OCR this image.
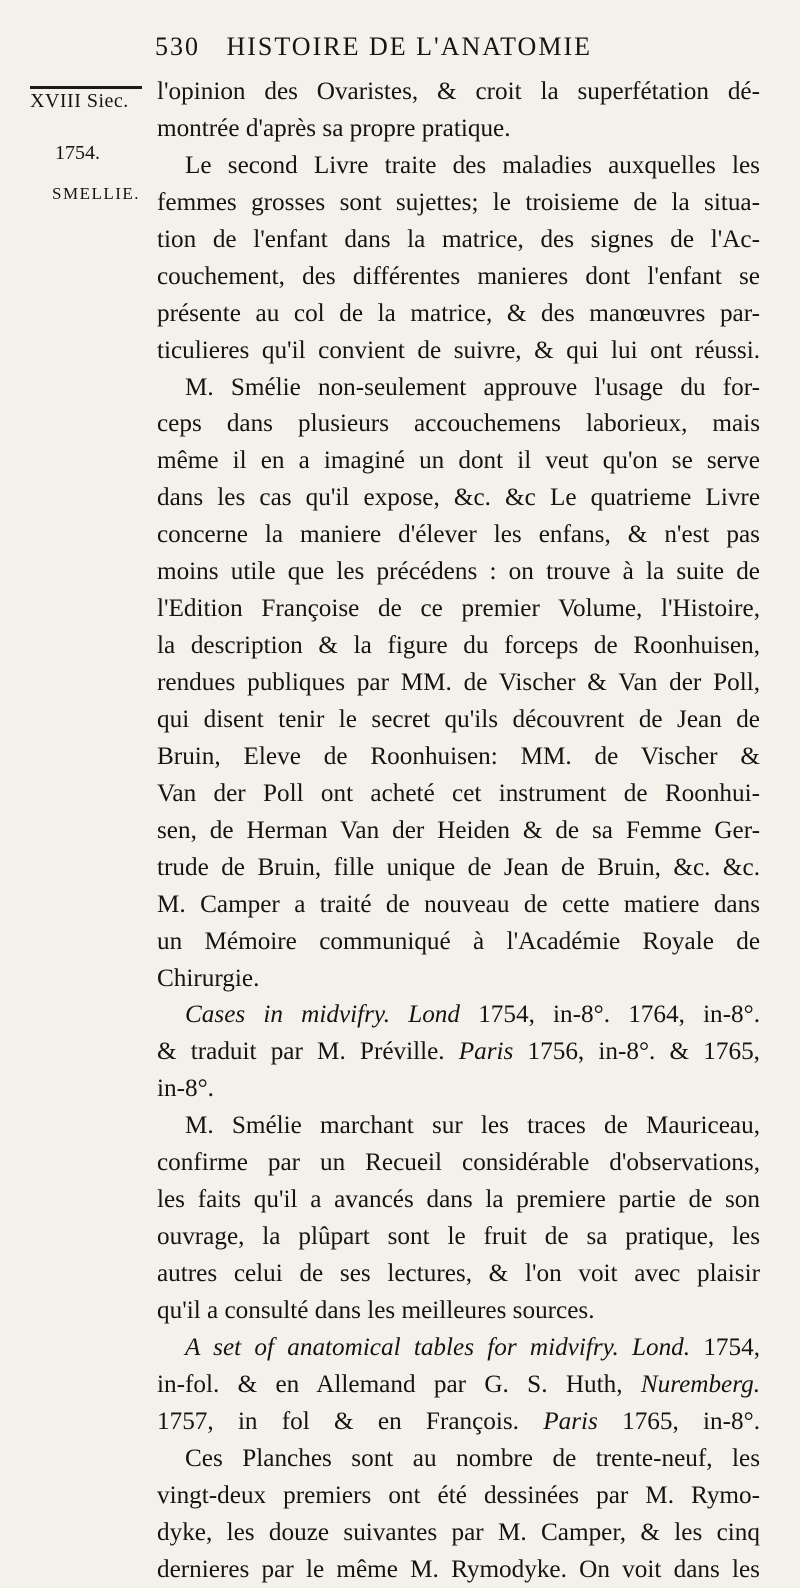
530 HISTOIRE DE L'ANATOMIE
XVIII Siec.
1754.
SMELLIE.
l'opinion des Ovaristes, & croit la superfétation dé-
montrée d'après sa propre pratique.
Le second Livre traite des maladies auxquelles les
femmes grosses sont sujettes; le troisieme de la situa-
tion de l'enfant dans la matrice, des signes de l'Ac-
couchement, des différentes manieres dont l'enfant se
présente au col de la matrice, & des manœuvres par-
ticulieres qu'il convient de suivre, & qui lui ont réussi.
M. Smélie non-seulement approuve l'usage du for-
ceps dans plusieurs accouchemens laborieux, mais
même il en a imaginé un dont il veut qu'on se serve
dans les cas qu'il expose, &c. &c Le quatrieme Livre
concerne la maniere d'élever les enfans, & n'est pas
moins utile que les précédens : on trouve à la suite de
l'Edition Françoise de ce premier Volume, l'Histoire,
la description & la figure du forceps de Roonhuisen,
rendues publiques par MM. de Vischer & Van der Poll,
qui disent tenir le secret qu'ils découvrent de Jean de
Bruin, Eleve de Roonhuisen: MM. de Vischer &
Van der Poll ont acheté cet instrument de Roonhui-
sen, de Herman Van der Heiden & de sa Femme Ger-
trude de Bruin, fille unique de Jean de Bruin, &c. &c.
M. Camper a traité de nouveau de cette matiere dans
un Mémoire communiqué à l'Académie Royale de
Chirurgie.
Cases in midvifry. Lond 1754, in-8°. 1764, in-8°.
& traduit par M. Préville. Paris 1756, in-8°. & 1765,
in-8°.
M. Smélie marchant sur les traces de Mauriceau,
confirme par un Recueil considérable d'observations,
les faits qu'il a avancés dans la premiere partie de son
ouvrage, la plûpart sont le fruit de sa pratique, les
autres celui de ses lectures, & l'on voit avec plaisir
qu'il a consulté dans les meilleures sources.
A set of anatomical tables for midvifry. Lond. 1754,
in-fol. & en Allemand par G. S. Huth, Nuremberg.
1757, in fol & en François. Paris 1765, in-8°.
Ces Planches sont au nombre de trente-neuf, les
vingt-deux premiers ont été dessinées par M. Rymo-
dyke, les douze suivantes par M. Camper, & les cinq
dernieres par le même M. Rymodyke. On voit dans les
